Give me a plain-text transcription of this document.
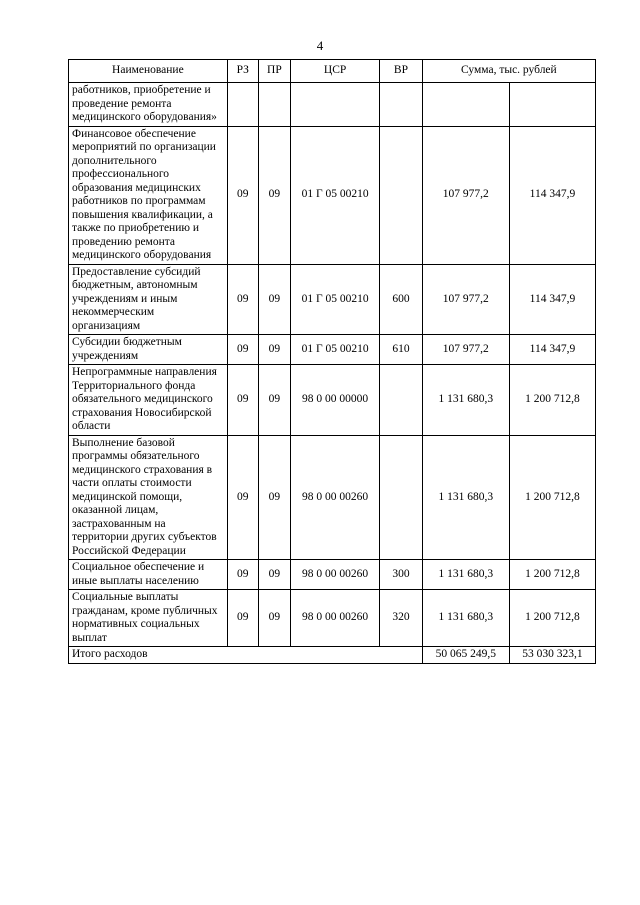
4
Наименование	РЗ	ПР	ЦСР	ВР	Сумма, тыс. рублей	
работников, приобретение и проведение ремонта медицинского оборудования»						
Финансовое обеспечение мероприятий по организации дополнительного профессионального образования медицинских работников по программам повышения квалификации, а также по приобретению и проведению ремонта медицинского оборудования	09	09	01 Г 05 00210		107 977,2	114 347,9
Предоставление субсидий бюджетным, автономным учреждениям и иным некоммерческим организациям	09	09	01 Г 05 00210	600	107 977,2	114 347,9
Субсидии бюджетным учреждениям	09	09	01 Г 05 00210	610	107 977,2	114 347,9
Непрограммные направления Территориального фонда обязательного медицинского страхования Новосибирской области	09	09	98 0 00 00000		1 131 680,3	1 200 712,8
Выполнение базовой программы обязательного медицинского страхования в части оплаты стоимости медицинской помощи, оказанной лицам, застрахованным на территории других субъектов Российской Федерации	09	09	98 0 00 00260		1 131 680,3	1 200 712,8
Социальное обеспечение и иные выплаты населению	09	09	98 0 00 00260	300	1 131 680,3	1 200 712,8
Социальные выплаты гражданам, кроме публичных нормативных социальных выплат	09	09	98 0 00 00260	320	1 131 680,3	1 200 712,8
Итого расходов					50 065 249,5	53 030 323,1
